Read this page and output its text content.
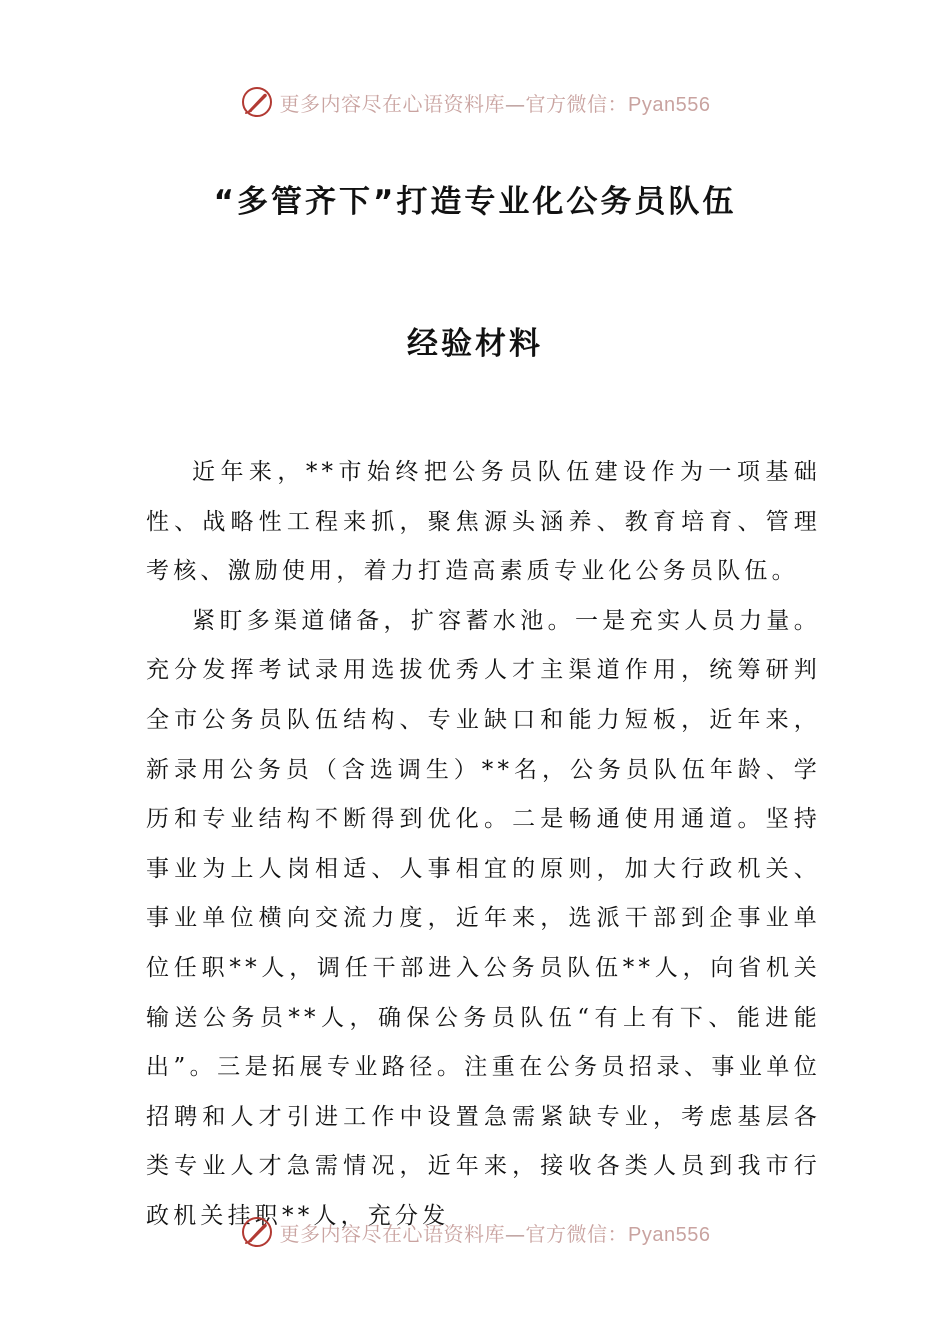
更多内容尽在心语资料库—官方微信：Pyan556
“多管齐下”打造专业化公务员队伍
经验材料

近年来，**市始终把公务员队伍建设作为一项基础性、战略性工程来抓，聚焦源头涵养、教育培育、管理考核、激励使用，着力打造高素质专业化公务员队伍。

紧盯多渠道储备，扩容蓄水池。一是充实人员力量。充分发挥考试录用选拔优秀人才主渠道作用，统筹研判全市公务员队伍结构、专业缺口和能力短板，近年来，新录用公务员（含选调生）**名，公务员队伍年龄、学历和专业结构不断得到优化。二是畅通使用通道。坚持事业为上人岗相适、人事相宜的原则，加大行政机关、事业单位横向交流力度，近年来，选派干部到企事业单位任职**人，调任干部进入公务员队伍**人，向省机关输送公务员**人，确保公务员队伍“有上有下、能进能出”。三是拓展专业路径。注重在公务员招录、事业单位招聘和人才引进工作中设置急需紧缺专业，考虑基层各类专业人才急需情况，近年来，接收各类人员到我市行政机关挂职**人，充分发

更多内容尽在心语资料库—官方微信：Pyan556
